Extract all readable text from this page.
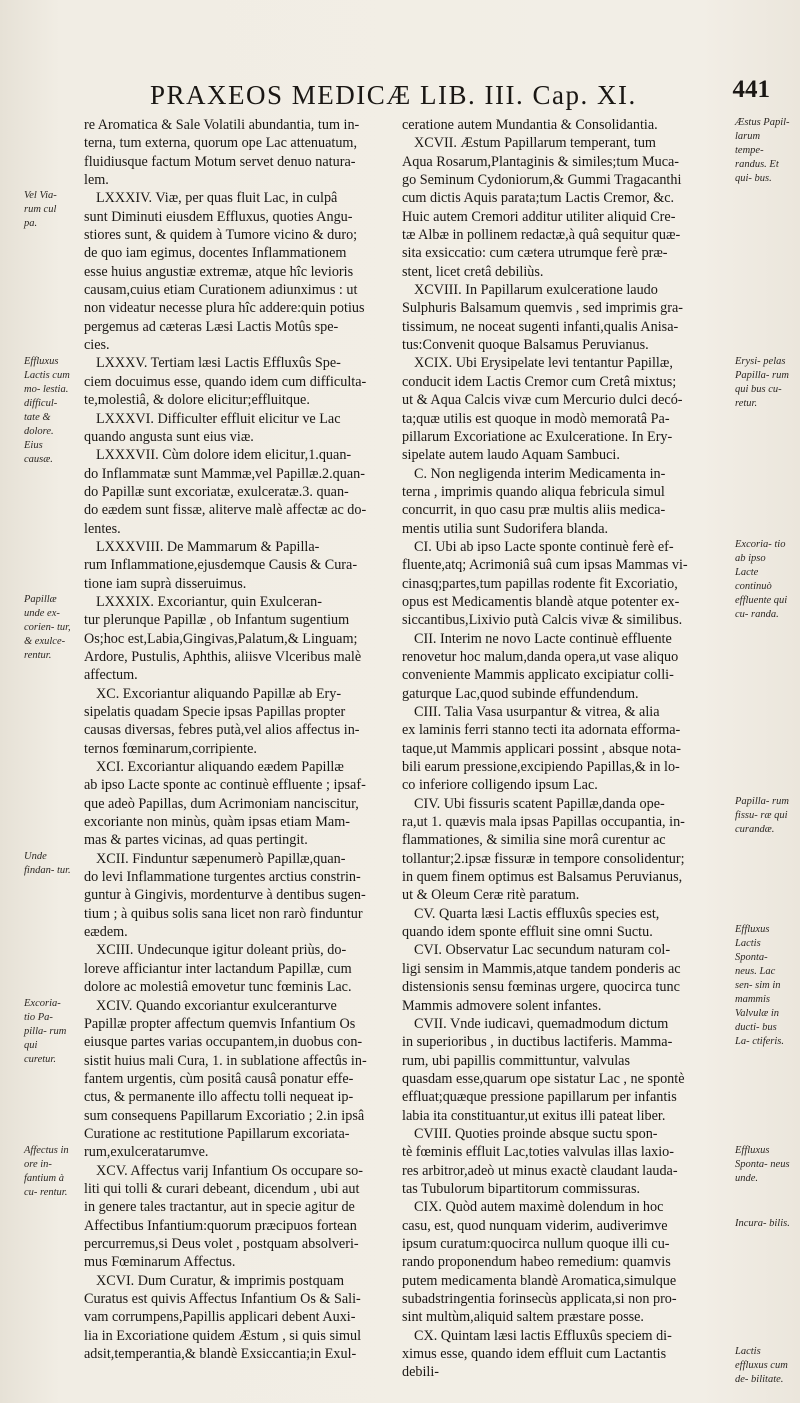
PRAXEOS MEDICÆ LIB. III. Cap. XI.	441

re Aromatica & Sale Volatili abundantia, tum in-

terna, tum externa, quorum ope Lac attenuatum,

fluidiusque factum Motum servet denuo natura-

lem.

LXXXIV. Viæ, per quas fluit Lac, in culpâ

sunt Diminuti eiusdem Effluxus, quoties Angu-

stiores sunt, & quidem à Tumore vicino & duro;

de quo iam egimus, docentes Inflammationem

esse huius angustiæ extremæ, atque hîc levioris

causam,cuius etiam Curationem adiunximus : ut

non videatur necesse plura hîc addere:quin potius

pergemus ad cæteras Læsi Lactis Motûs spe-

cies.

LXXXV. Tertiam læsi Lactis Effluxûs Spe-

ciem docuimus esse, quando idem cum difficulta-

te,molestiâ, & dolore elicitur;effluitque.

LXXXVI. Difficulter effluit elicitur ve Lac

quando angusta sunt eius viæ.

LXXXVII. Cùm dolore idem elicitur,1.quan-

do Inflammatæ sunt Mammæ,vel Papillæ.2.quan-

do Papillæ sunt excoriatæ, exulceratæ.3. quan-

do eædem sunt fissæ, aliterve malè affectæ ac do-

lentes.

LXXXVIII. De Mammarum & Papilla-

rum Inflammatione,ejusdemque Causis & Cura-

tione iam suprà disseruimus.

LXXXIX. Excoriantur, quin Exulceran-

tur plerunque Papillæ , ob Infantum sugentium

Os;hoc est,Labia,Gingivas,Palatum,& Linguam;

Ardore, Pustulis, Aphthis, aliisve Vlceribus malè

affectum.

XC. Excoriantur aliquando Papillæ ab Ery-

sipelatis quadam Specie ipsas Papillas propter

causas diversas, febres putà,vel alios affectus in-

ternos fœminarum,corripiente.

XCI. Excoriantur aliquando eædem Papillæ

ab ipso Lacte sponte ac continuè effluente ; ipsaf-

que adeò Papillas, dum Acrimoniam nanciscitur,

excoriante non minùs, quàm ipsas etiam Mam-

mas & partes vicinas, ad quas pertingit.

XCII. Finduntur sæpenumerò Papillæ,quan-

do levi Inflammatione turgentes arctius constrin-

guntur à Gingivis, mordenturve à dentibus sugen-

tium ; à quibus solis sana licet non rarò finduntur

eædem.

XCIII. Undecunque igitur doleant priùs, do-

loreve afficiantur inter lactandum Papillæ, cum

dolore ac molestiâ emovetur tunc fœminis Lac.

XCIV. Quando excoriantur exulceranturve

Papillæ propter affectum quemvis Infantium Os

eiusque partes varias occupantem,in duobus con-

sistit huius mali Cura, 1. in sublatione affectûs in-

fantem urgentis, cùm positâ causâ ponatur effe-

ctus, & permanente illo affectu tolli nequeat ip-

sum consequens Papillarum Excoriatio ; 2.in ipsâ

Curatione ac restitutione Papillarum excoriata-

rum,exulceratarumve.

XCV. Affectus varij Infantium Os occupare so-

liti qui tolli & curari debeant, dicendum , ubi aut

in genere tales tractantur, aut in specie agitur de

Affectibus Infantium:quorum præcipuos fortean

percurremus,si Deus volet , postquam absolveri-

mus Fœminarum Affectus.

XCVI. Dum Curatur, & imprimis postquam

Curatus est quivis Affectus Infantium Os & Sali-

vam corrumpens,Papillis applicari debent Auxi-

lia in Excoriatione quidem Æstum , si quis simul

adsit,temperantia,& blandè Exsiccantia;in Exul-

ceratione autem Mundantia & Consolidantia.

XCVII. Æstum Papillarum temperant, tum

Aqua Rosarum,Plantaginis & similes;tum Muca-

go Seminum Cydoniorum,& Gummi Tragacanthi

cum dictis Aquis parata;tum Lactis Cremor, &c.

Huic autem Cremori additur utiliter aliquid Cre-

tæ Albæ in pollinem redactæ,à quâ sequitur quæ-

sita exsiccatio: cum cætera utrumque ferè præ-

stent, licet cretâ debiliùs.

XCVIII. In Papillarum exulceratione laudo

Sulphuris Balsamum quemvis , sed imprimis gra-

tissimum, ne noceat sugenti infanti,qualis Anisa-

tus:Convenit quoque Balsamus Peruvianus.

XCIX. Ubi Erysipelate levi tentantur Papillæ,

conducit idem Lactis Cremor cum Cretâ mixtus;

ut & Aqua Calcis vivæ cum Mercurio dulci decó-

ta;quæ utilis est quoque in modò memoratâ Pa-

pillarum Excoriatione ac Exulceratione. In Ery-

sipelate autem laudo Aquam Sambuci.

C. Non negligenda interim Medicamenta in-

terna , imprimis quando aliqua febricula simul

concurrit, in quo casu præ multis aliis medica-

mentis utilia sunt Sudorifera blanda.

CI. Ubi ab ipso Lacte sponte continuè ferè ef-

fluente,atq; Acrimoniâ suâ cum ipsas Mammas vi-

cinasq;partes,tum papillas rodente fit Excoriatio,

opus est Medicamentis blandè atque potenter ex-

siccantibus,Lixivio putà Calcis vivæ & similibus.

CII. Interim ne novo Lacte continuè effluente

renovetur hoc malum,danda opera,ut vase aliquo

conveniente Mammis applicato excipiatur colli-

gaturque Lac,quod subinde effundendum.

CIII. Talia Vasa usurpantur & vitrea, & alia

ex laminis ferri stanno tecti ita adornata efforma-

taque,ut Mammis applicari possint , absque nota-

bili earum pressione,excipiendo Papillas,& in lo-

co inferiore colligendo ipsum Lac.

CIV. Ubi fissuris scatent Papillæ,danda ope-

ra,ut 1. quævis mala ipsas Papillas occupantia, in-

flammationes, & similia sine morâ curentur ac

tollantur;2.ipsæ fissuræ in tempore consolidentur;

in quem finem optimus est Balsamus Peruvianus,

ut & Oleum Ceræ ritè paratum.

CV. Quarta læsi Lactis effluxûs species est,

quando idem sponte effluit sine omni Suctu.

CVI. Observatur Lac secundum naturam col-

ligi sensim in Mammis,atque tandem ponderis ac

distensionis sensu fœminas urgere, quocirca tunc

Mammis admovere solent infantes.

CVII. Vnde iudicavi, quemadmodum dictum

in superioribus , in ductibus lactiferis. Mamma-

rum, ubi papillis committuntur, valvulas

quasdam esse,quarum ope sistatur Lac , ne spontè

effluat;quæque pressione papillarum per infantis

labia ita constituantur,ut exitus illi pateat liber.

CVIII. Quoties proinde absque suctu spon-

tè fœminis effluit Lac,toties valvulas illas laxio-

res arbitror,adeò ut minus exactè claudant lauda-

tas Tubulorum bipartitorum commissuras.

CIX. Quòd autem maximè dolendum in hoc

casu, est, quod nunquam viderim, audiverimve

ipsum curatum:quocirca nullum quoque illi cu-

rando proponendum habeo remedium: quamvis

putem medicamenta blandè Aromatica,simulque

subadstringentia forinsecùs applicata,si non pro-

sint multùm,aliquid saltem præstare posse.

CX. Quintam læsi lactis Effluxûs speciem di-

ximus esse, quando idem effluit cum Lactantis

debili-

Vel Via- rum cul pa.
Effluxus Lactis cum mo- lestia. difficul- tate & dolore. Eius causæ.
Papillæ unde ex- corien- tur, & exulce- rentur.
Unde findan- tur.
Excoria- tio Pa- pilla- rum qui curetur.
Affectus in ore in- fantium à cu- rentur.
Æstus Papil- larum tempe- randus. Et qui- bus.
Erysi- pelas Papilla- rum qui bus cu- retur.
Excoria- tio ab ipso Lacte continuò effluente qui cu- randa.
Papilla- rum fissu- ræ qui curandæ.
Effluxus Lactis Sponta- neus. Lac sen- sim in mammis Valvulæ in ducti- bus La- ctiferis.
Effluxus Sponta- neus unde.
Incura- bilis.
Lactis effluxus cum de- bilitate.
